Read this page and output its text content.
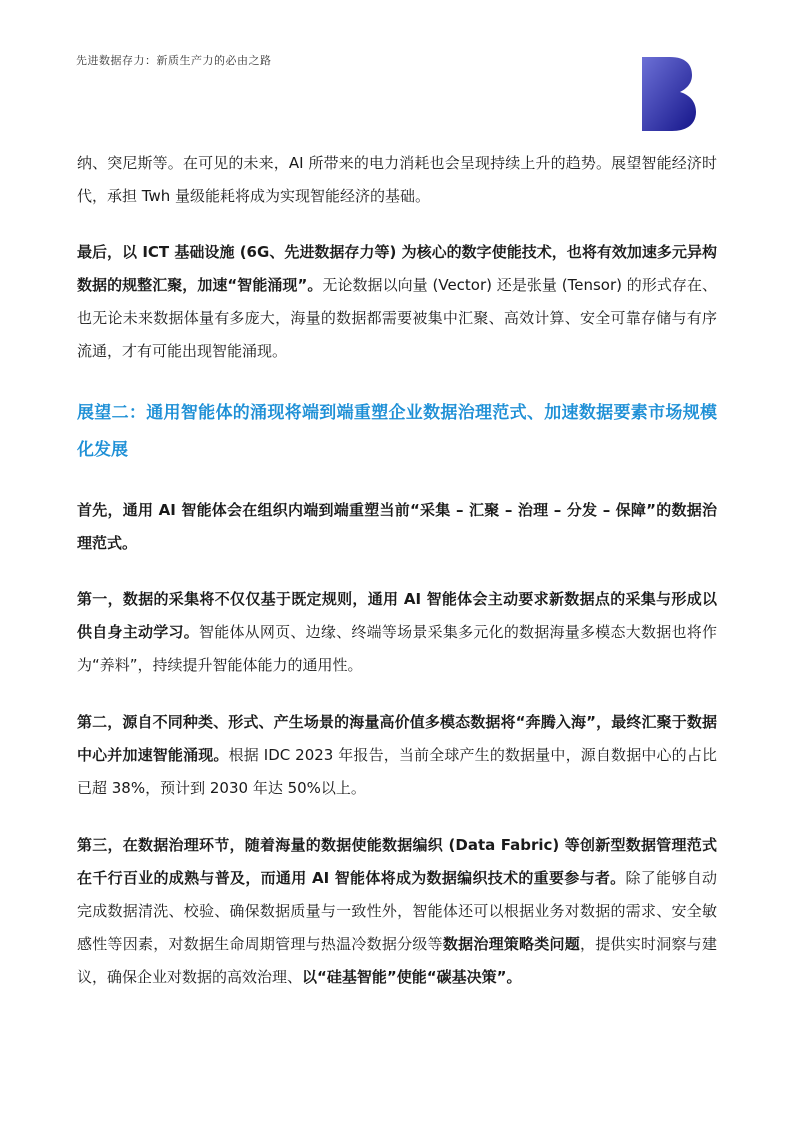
先进数据存力：新质生产力的必由之路

纳、突尼斯等。在可见的未来，AI 所带来的电力消耗也会呈现持续上升的趋势。展望智能经济时代，承担 Twh 量级能耗将成为实现智能经济的基础。

最后，以 ICT 基础设施 (6G、先进数据存力等) 为核心的数字使能技术，也将有效加速多元异构数据的规整汇聚，加速“智能涌现”。无论数据以向量 (Vector) 还是张量 (Tensor) 的形式存在、也无论未来数据体量有多庞大，海量的数据都需要被集中汇聚、高效计算、安全可靠存储与有序流通，才有可能出现智能涌现。

展望二：通用智能体的涌现将端到端重塑企业数据治理范式、加速数据要素市场规模化发展

首先，通用 AI 智能体会在组织内端到端重塑当前“采集 – 汇聚 – 治理 – 分发 – 保障”的数据治理范式。

第一，数据的采集将不仅仅基于既定规则，通用 AI 智能体会主动要求新数据点的采集与形成以供自身主动学习。智能体从网页、边缘、终端等场景采集多元化的数据海量多模态大数据也将作为“养料”，持续提升智能体能力的通用性。

第二，源自不同种类、形式、产生场景的海量高价值多模态数据将“奔腾入海”，最终汇聚于数据中心并加速智能涌现。根据 IDC 2023 年报告，当前全球产生的数据量中，源自数据中心的占比已超 38%，预计到 2030 年达 50%以上。

第三，在数据治理环节，随着海量的数据使能数据编织 (Data Fabric) 等创新型数据管理范式在千行百业的成熟与普及，而通用 AI 智能体将成为数据编织技术的重要参与者。除了能够自动完成数据清洗、校验、确保数据质量与一致性外，智能体还可以根据业务对数据的需求、安全敏感性等因素，对数据生命周期管理与热温冷数据分级等数据治理策略类问题，提供实时洞察与建议，确保企业对数据的高效治理、以“硅基智能”使能“碳基决策”。
